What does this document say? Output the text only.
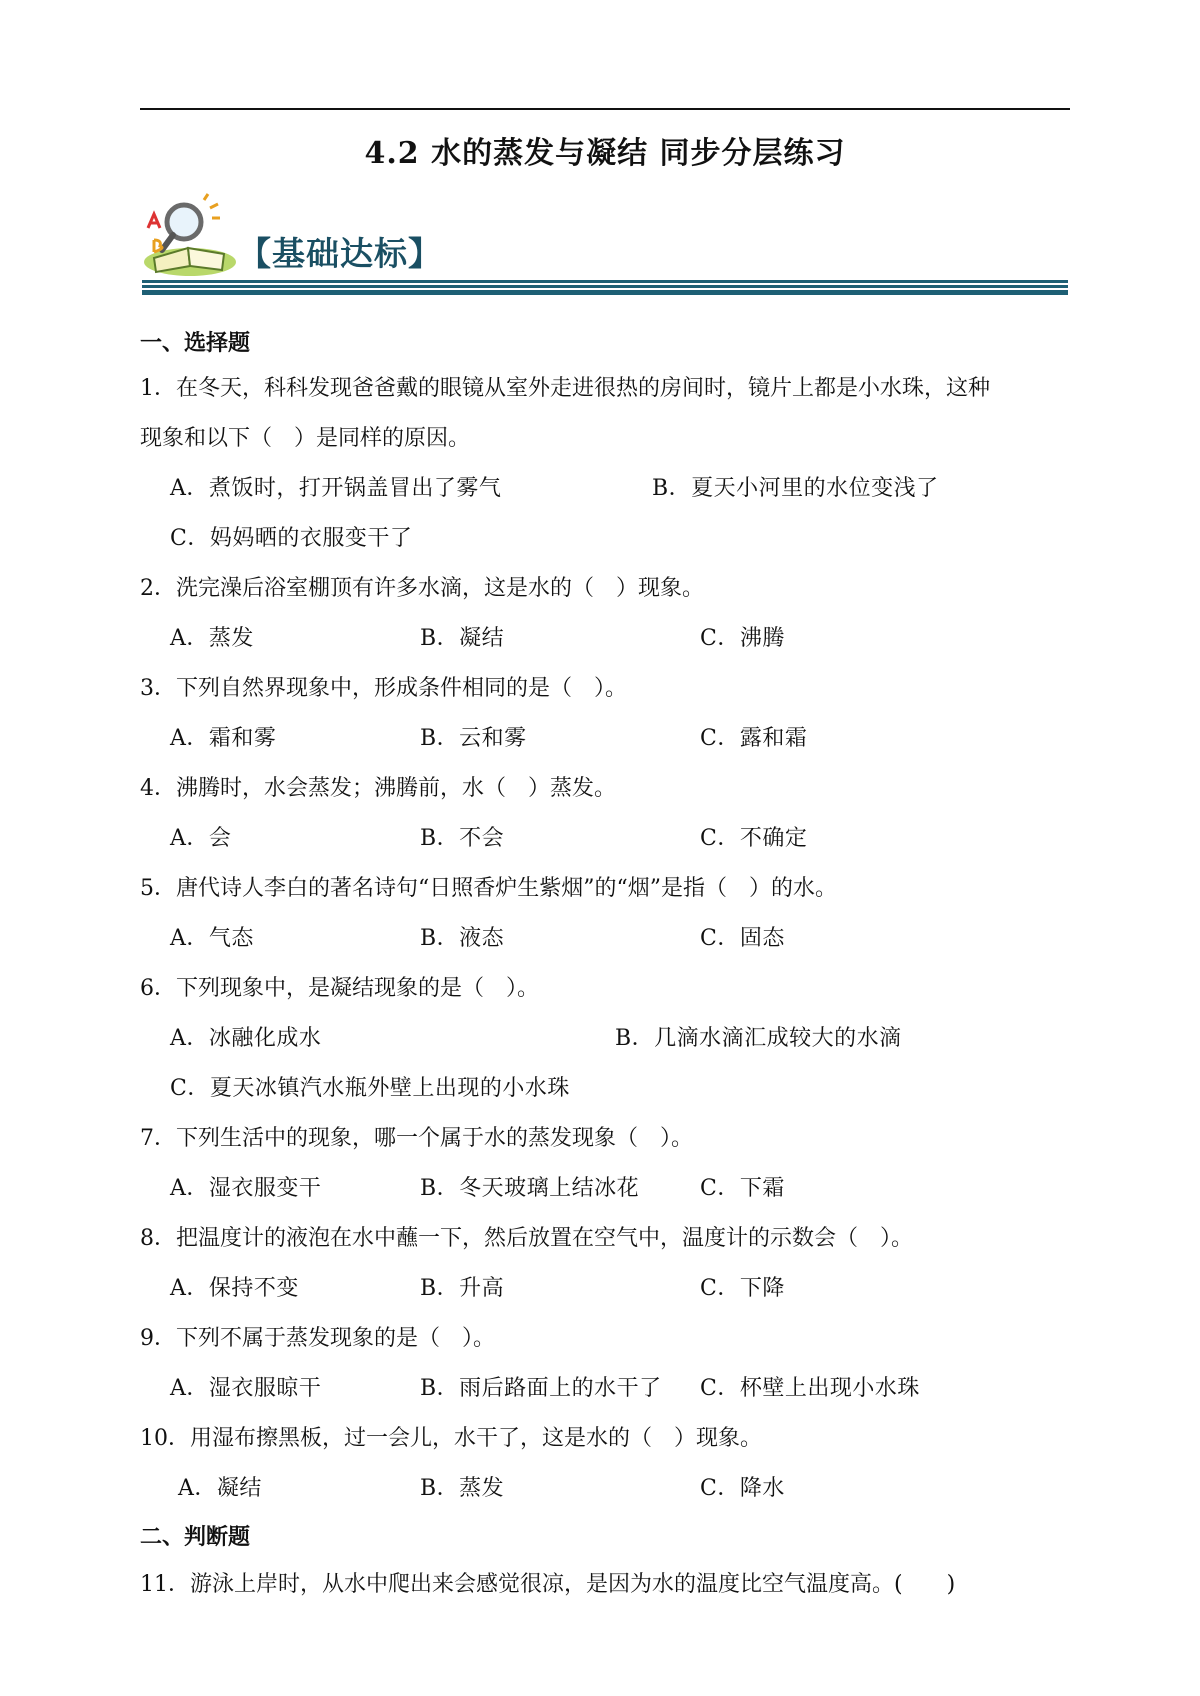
4.2 水的蒸发与凝结 同步分层练习
【基础达标】
一、选择题
1．在冬天，科科发现爸爸戴的眼镜从室外走进很热的房间时，镜片上都是小水珠，这种
现象和以下（　）是同样的原因。
A．煮饭时，打开锅盖冒出了雾气	B．夏天小河里的水位变浅了
C．妈妈晒的衣服变干了
2．洗完澡后浴室棚顶有许多水滴，这是水的（　）现象。
A．蒸发	B．凝结	C．沸腾
3．下列自然界现象中，形成条件相同的是（　）。
A．霜和雾	B．云和雾	C．露和霜
4．沸腾时，水会蒸发；沸腾前，水（　）蒸发。
A．会	B．不会	C．不确定
5．唐代诗人李白的著名诗句“日照香炉生紫烟”的“烟”是指（　）的水。
A．气态	B．液态	C．固态
6．下列现象中，是凝结现象的是（　）。
A．冰融化成水	B．几滴水滴汇成较大的水滴
C．夏天冰镇汽水瓶外壁上出现的小水珠
7．下列生活中的现象，哪一个属于水的蒸发现象（　）。
A．湿衣服变干	B．冬天玻璃上结冰花	C．下霜
8．把温度计的液泡在水中蘸一下，然后放置在空气中，温度计的示数会（　）。
A．保持不变	B．升高	C．下降
9．下列不属于蒸发现象的是（　）。
A．湿衣服晾干	B．雨后路面上的水干了 C．杯壁上出现小水珠
10．用湿布擦黑板，过一会儿，水干了，这是水的（　）现象。
A．凝结	B．蒸发	C．降水
二、判断题
11．游泳上岸时，从水中爬出来会感觉很凉，是因为水的温度比空气温度高。(　　)
